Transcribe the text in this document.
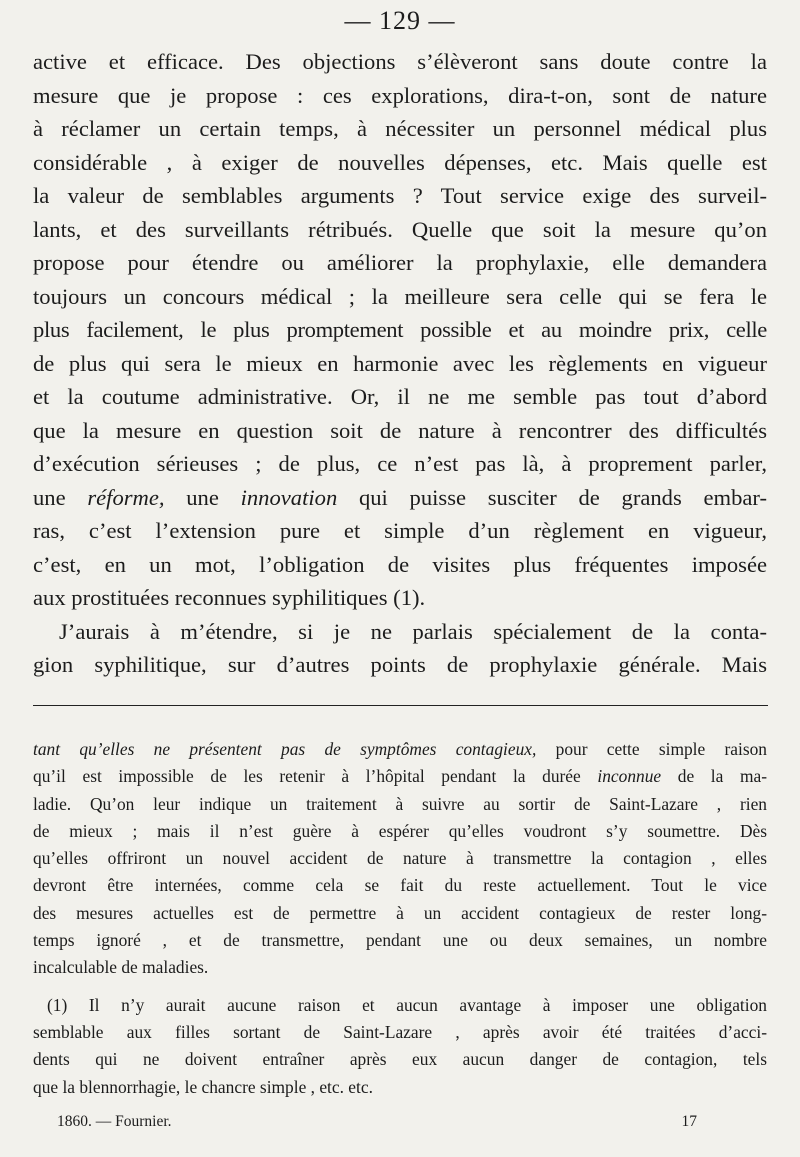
— 129 —

active et efficace. Des objections s’élèveront sans doute contre la

mesure que je propose : ces explorations, dira-t-on, sont de nature

à réclamer un certain temps, à nécessiter un personnel médical plus

considérable , à exiger de nouvelles dépenses, etc. Mais quelle est

la valeur de semblables arguments ? Tout service exige des surveil-

lants, et des surveillants rétribués. Quelle que soit la mesure qu’on

propose pour étendre ou améliorer la prophylaxie, elle demandera

toujours un concours médical ; la meilleure sera celle qui se fera le

plus facilement, le plus promptement possible et au moindre prix, celle

de plus qui sera le mieux en harmonie avec les règlements en vigueur

et la coutume administrative. Or, il ne me semble pas tout d’abord

que la mesure en question soit de nature à rencontrer des difficultés

d’exécution sérieuses ; de plus, ce n’est pas là, à proprement parler,

une réforme, une innovation qui puisse susciter de grands embar-

ras, c’est l’extension pure et simple d’un règlement en vigueur,

c’est, en un mot, l’obligation de visites plus fréquentes imposée

aux prostituées reconnues syphilitiques (1).

J’aurais à m’étendre, si je ne parlais spécialement de la conta-

gion syphilitique, sur d’autres points de prophylaxie générale. Mais

tant qu’elles ne présentent pas de symptômes contagieux, pour cette simple raison

qu’il est impossible de les retenir à l’hôpital pendant la durée inconnue de la ma-

ladie. Qu’on leur indique un traitement à suivre au sortir de Saint-Lazare , rien

de mieux ; mais il n’est guère à espérer qu’elles voudront s’y soumettre. Dès

qu’elles offriront un nouvel accident de nature à transmettre la contagion , elles

devront être internées, comme cela se fait du reste actuellement. Tout le vice

des mesures actuelles est de permettre à un accident contagieux de rester long-

temps ignoré , et de transmettre, pendant une ou deux semaines, un nombre

incalculable de maladies.

(1) Il n’y aurait aucune raison et aucun avantage à imposer une obligation

semblable aux filles sortant de Saint-Lazare , après avoir été traitées d’acci-

dents qui ne doivent entraîner après eux aucun danger de contagion, tels

que la blennorrhagie, le chancre simple , etc. etc.

1860. — Fournier.	17
